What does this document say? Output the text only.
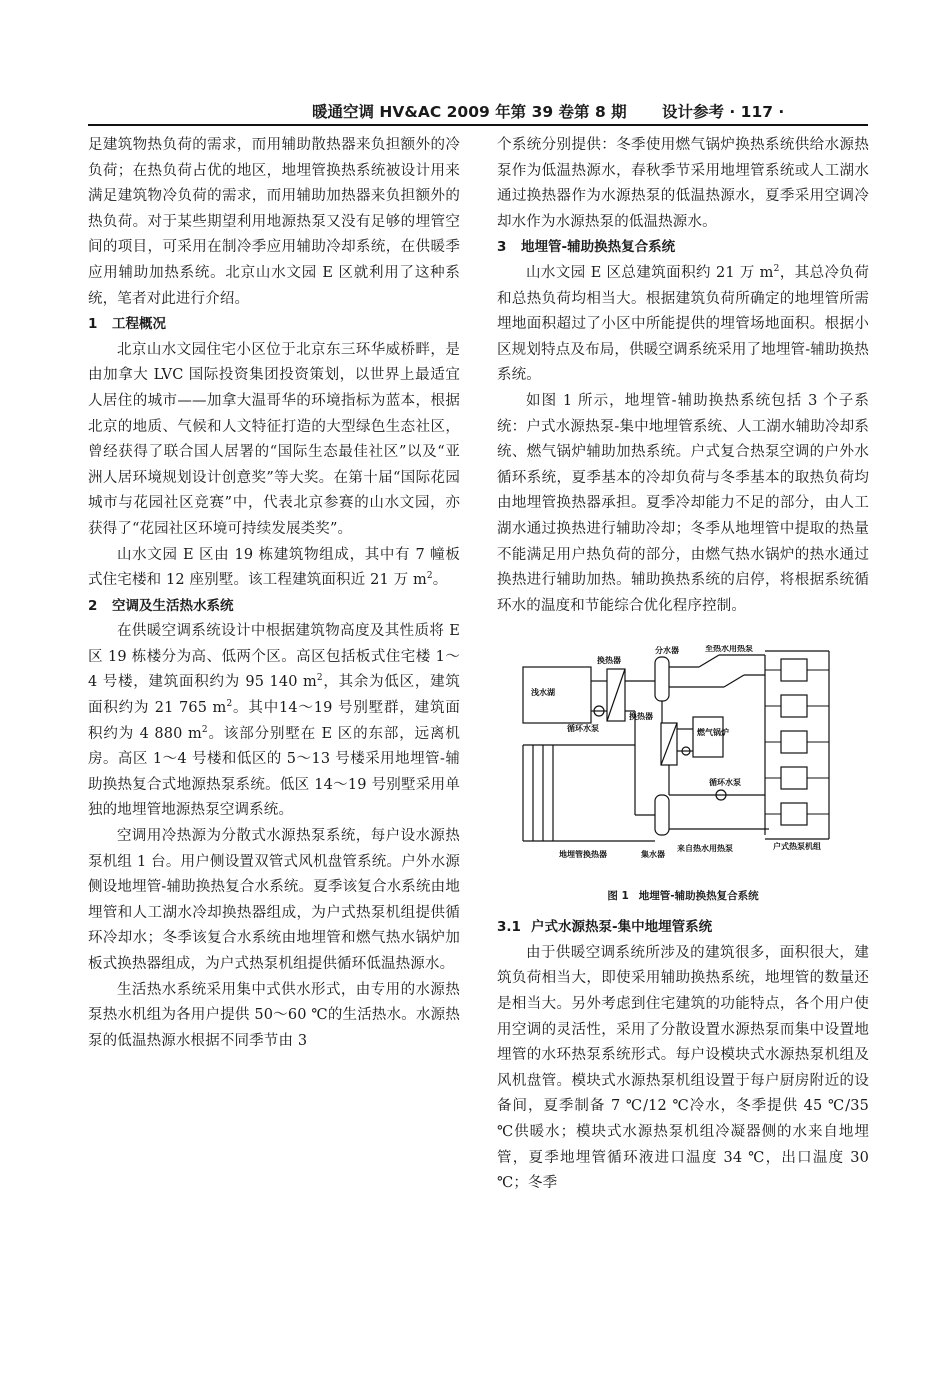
暖通空调 HV&AC 2009 年第 39 卷第 8 期 设计参考 · 117 ·

足建筑物热负荷的需求，而用辅助散热器来负担额外的冷负荷；在热负荷占优的地区，地埋管换热系统被设计用来满足建筑物冷负荷的需求，而用辅助加热器来负担额外的热负荷。对于某些期望利用地源热泵又没有足够的埋管空间的项目，可采用在制冷季应用辅助冷却系统，在供暖季应用辅助加热系统。北京山水文园 E 区就利用了这种系统，笔者对此进行介绍。

1 工程概况

北京山水文园住宅小区位于北京东三环华威桥畔，是由加拿大 LVC 国际投资集团投资策划，以世界上最适宜人居住的城市——加拿大温哥华的环境指标为蓝本，根据北京的地质、气候和人文特征打造的大型绿色生态社区，曾经获得了联合国人居署的“国际生态最佳社区”以及“亚洲人居环境规划设计创意奖”等大奖。在第十届“国际花园城市与花园社区竞赛”中，代表北京参赛的山水文园，亦获得了“花园社区环境可持续发展类奖”。

山水文园 E 区由 19 栋建筑物组成，其中有 7 幢板式住宅楼和 12 座别墅。该工程建筑面积近 21 万 $m^2$。

2 空调及生活热水系统

在供暖空调系统设计中根据建筑物高度及其性质将 E 区 19 栋楼分为高、低两个区。高区包括板式住宅楼 1～4 号楼，建筑面积约为 95 140 $m^2$，其余为低区，建筑面积约为 21 765 $m^2$。其中14～19 号别墅群，建筑面积约为 4 880 $m^2$。该部分别墅在 E 区的东部，远离机房。高区 1～4 号楼和低区的 5～13 号楼采用地埋管-辅助换热复合式地源热泵系统。低区 14～19 号别墅采用单独的地埋管地源热泵空调系统。

空调用冷热源为分散式水源热泵系统，每户设水源热泵机组 1 台。用户侧设置双管式风机盘管系统。户外水源侧设地埋管-辅助换热复合水系统。夏季该复合水系统由地埋管和人工湖水冷却换热器组成，为户式热泵机组提供循环冷却水；冬季该复合水系统由地埋管和燃气热水锅炉加板式换热器组成，为户式热泵机组提供循环低温热源水。

生活热水系统采用集中式供水形式，由专用的水源热泵热水机组为各用户提供 50～60 ℃的生活热水。水源热泵的低温热源水根据不同季节由 3

个系统分别提供：冬季使用燃气锅炉换热系统供给水源热泵作为低温热源水，春秋季节采用地埋管系统或人工湖水通过换热器作为水源热泵的低温热源水，夏季采用空调冷却水作为水源热泵的低温热源水。

3 地埋管-辅助换热复合系统

山水文园 E 区总建筑面积约 21 万 $m^2$，其总冷负荷和总热负荷均相当大。根据建筑负荷所确定的地埋管所需埋地面积超过了小区中所能提供的埋管场地面积。根据小区规划特点及布局，供暖空调系统采用了地埋管-辅助换热系统。

如图 1 所示，地埋管-辅助换热系统包括 3 个子系统：户式水源热泵-集中地埋管系统、人工湖水辅助冷却系统、燃气锅炉辅助加热系统。户式复合热泵空调的户外水循环系统，夏季基本的冷却负荷与冬季基本的取热负荷均由地埋管换热器承担。夏季冷却能力不足的部分，由人工湖水通过换热进行辅助冷却；冬季从地埋管中提取的热量不能满足用户热负荷的部分，由燃气热水锅炉的热水通过换热进行辅助加热。辅助换热系统的启停，将根据系统循环水的温度和节能综合优化程序控制。

浅水湖
换热器
分水器	至热水用热泵
循环水泵
换热器
燃气锅炉
循环水泵
地埋管换热器	集水器
来自热水用热泵	户式热泵机组

图 1 地埋管-辅助换热复合系统

3.1 户式水源热泵-集中地埋管系统

由于供暖空调系统所涉及的建筑很多，面积很大，建筑负荷相当大，即使采用辅助换热系统，地埋管的数量还是相当大。另外考虑到住宅建筑的功能特点，各个用户使用空调的灵活性，采用了分散设置水源热泵而集中设置地埋管的水环热泵系统形式。每户设模块式水源热泵机组及风机盘管。模块式水源热泵机组设置于每户厨房附近的设备间，夏季制备 7 ℃/12 ℃冷水，冬季提供 45 ℃/35 ℃供暖水；模块式水源热泵机组冷凝器侧的水来自地埋管，夏季地埋管循环液进口温度 34 ℃，出口温度 30 ℃；冬季
